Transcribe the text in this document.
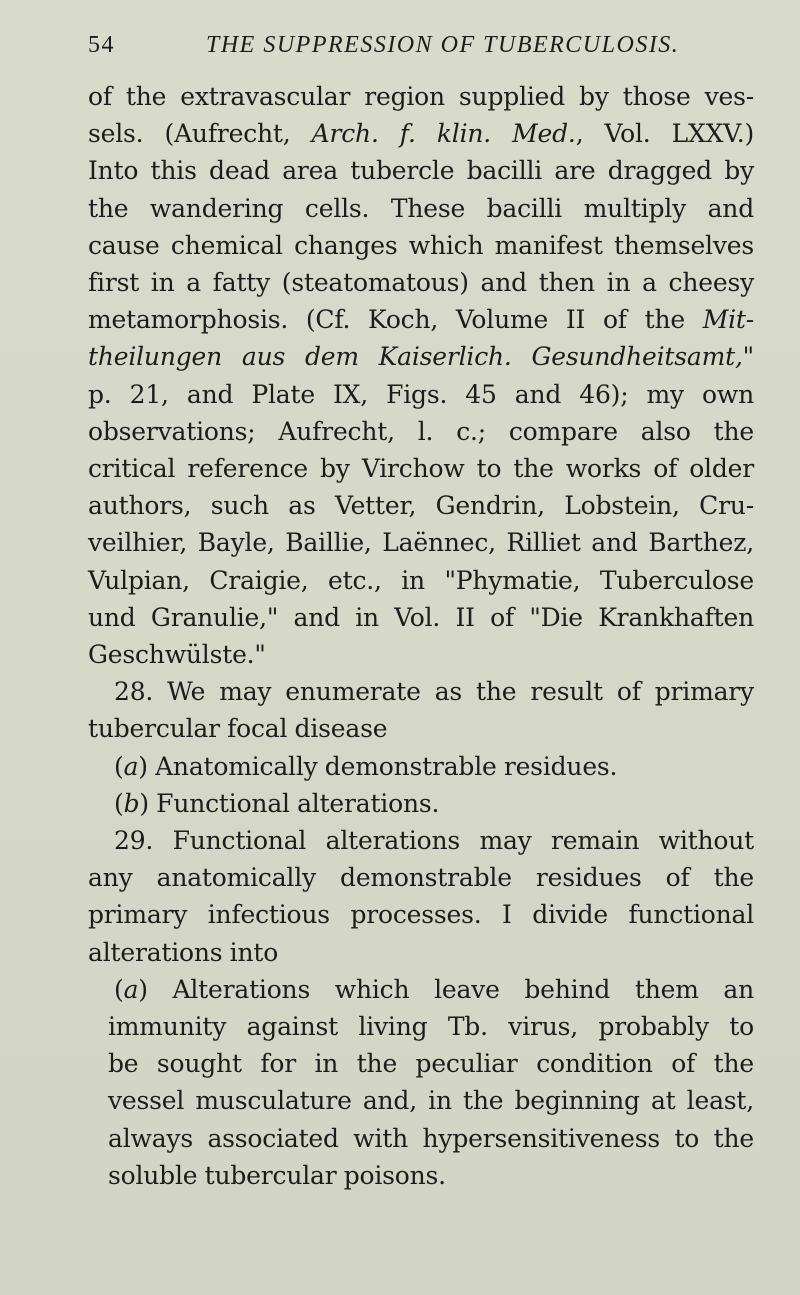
54	THE SUPPRESSION OF TUBERCULOSIS.
of the extravascular region supplied by those ves-
sels. (Aufrecht, Arch. f. klin. Med., Vol. LXXV.)
Into this dead area tubercle bacilli are dragged by
the wandering cells. These bacilli multiply and
cause chemical changes which manifest themselves
first in a fatty (steatomatous) and then in a cheesy
metamorphosis. (Cf. Koch, Volume II of the Mit-
theilungen aus dem Kaiserlich. Gesundheitsamt,"
p. 21, and Plate IX, Figs. 45 and 46); my own
observations; Aufrecht, l. c.; compare also the
critical reference by Virchow to the works of older
authors, such as Vetter, Gendrin, Lobstein, Cru-
veilhier, Bayle, Baillie, Laënnec, Rilliet and Barthez,
Vulpian, Craigie, etc., in "Phymatie, Tuberculose
und Granulie," and in Vol. II of "Die Krankhaften
Geschwülste."
28. We may enumerate as the result of primary
tubercular focal disease
(a) Anatomically demonstrable residues.
(b) Functional alterations.
29. Functional alterations may remain without
any anatomically demonstrable residues of the
primary infectious processes. I divide functional
alterations into
(a) Alterations which leave behind them an
immunity against living Tb. virus, probably to
be sought for in the peculiar condition of the
vessel musculature and, in the beginning at least,
always associated with hypersensitiveness to the
soluble tubercular poisons.
